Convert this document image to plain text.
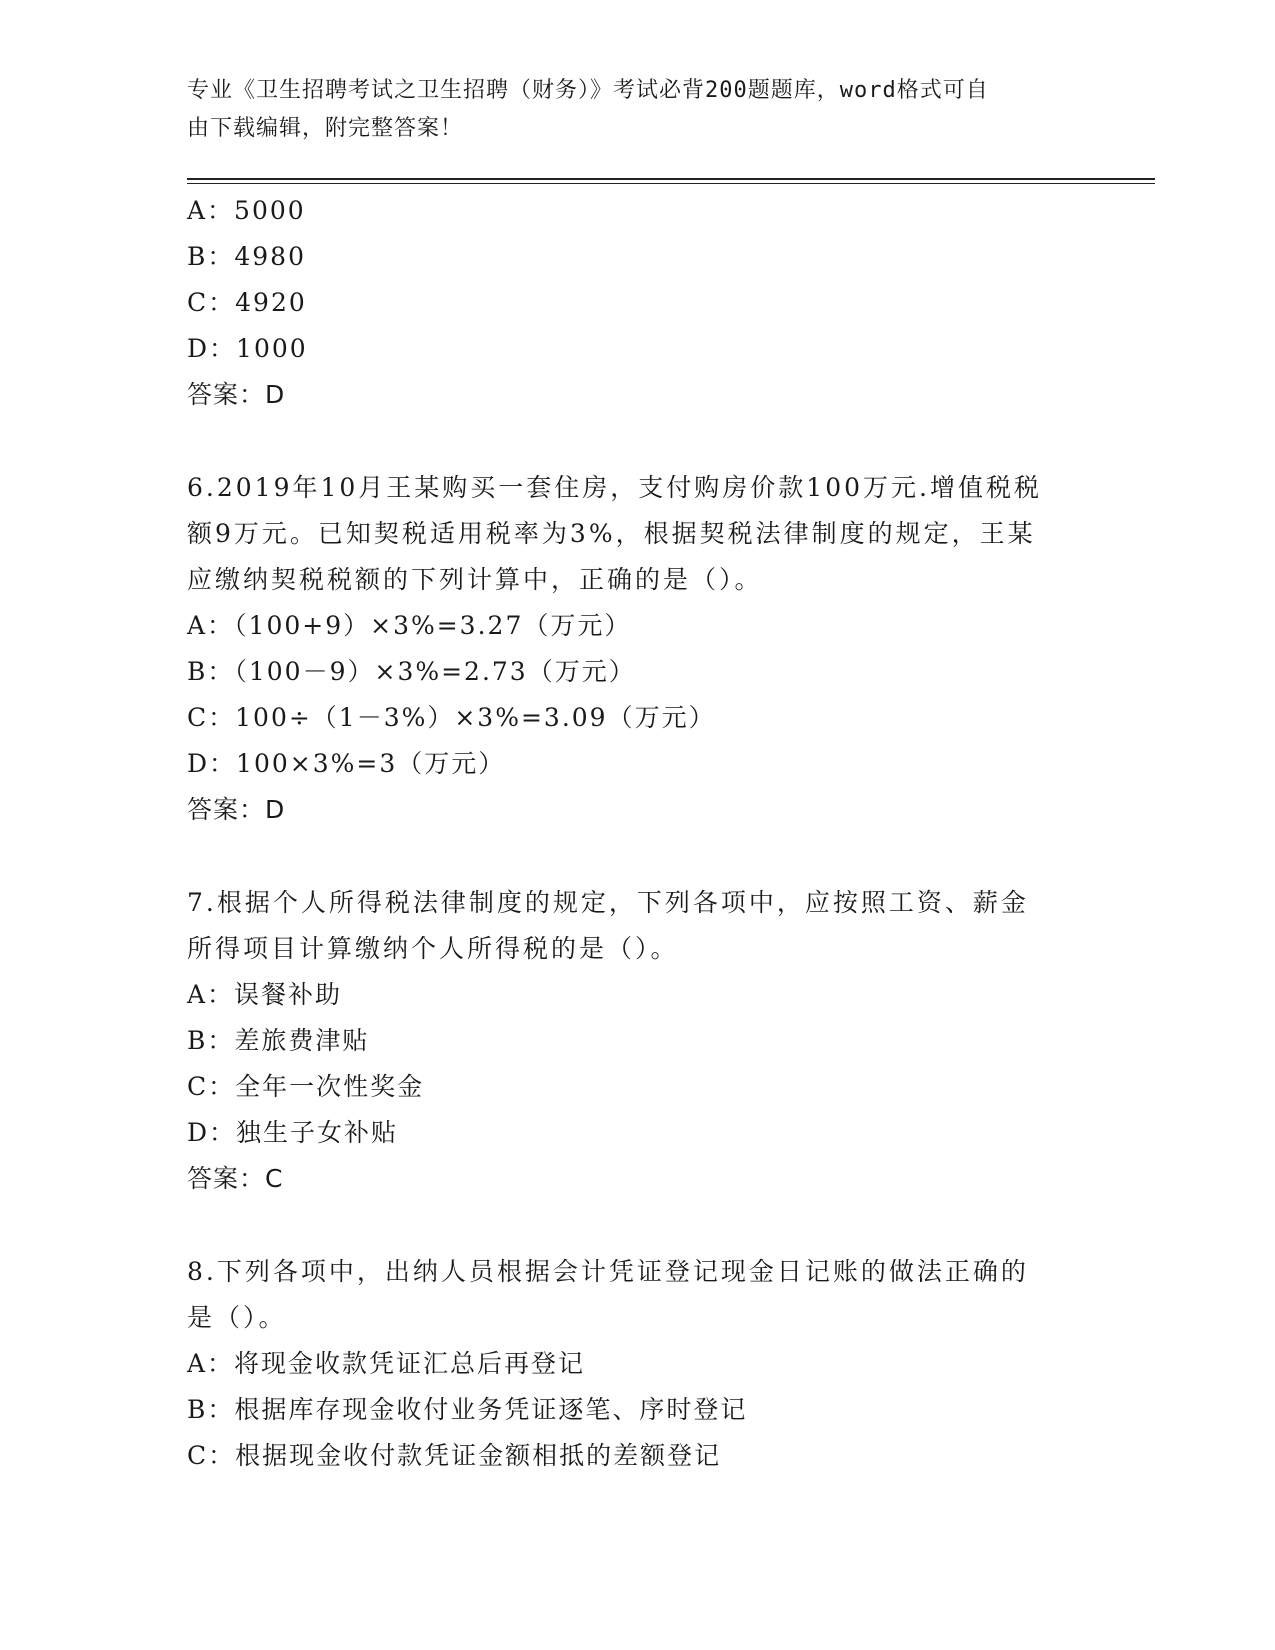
专业《卫生招聘考试之卫生招聘（财务）》考试必背200题题库，word格式可自
由下载编辑，附完整答案！
A：5000
B：4980
C：4920
D：1000
答案：D
6.2019年10月王某购买一套住房，支付购房价款100万元.增值税税
额9万元。已知契税适用税率为3%，根据契税法律制度的规定，王某
应缴纳契税税额的下列计算中，正确的是（）。
A：（100+9）×3%=3.27（万元）
B：（100－9）×3%=2.73（万元）
C：100÷（1－3%）×3%=3.09（万元）
D：100×3%=3（万元）
答案：D
7.根据个人所得税法律制度的规定，下列各项中，应按照工资、薪金
所得项目计算缴纳个人所得税的是（）。
A：误餐补助
B：差旅费津贴
C：全年一次性奖金
D：独生子女补贴
答案：C
8.下列各项中，出纳人员根据会计凭证登记现金日记账的做法正确的
是（）。
A：将现金收款凭证汇总后再登记
B：根据库存现金收付业务凭证逐笔、序时登记
C：根据现金收付款凭证金额相抵的差额登记
